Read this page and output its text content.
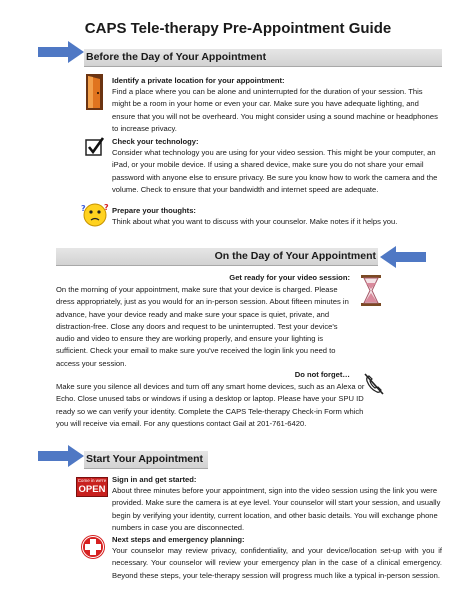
CAPS Tele-therapy Pre-Appointment Guide
Before the Day of Your Appointment
Identify a private location for your appointment:
Find a place where you can be alone and uninterrupted for the duration of your session. This might be a room in your home or even your car. Make sure you have adequate lighting, and ensure that you will not be overheard. You might consider using a sound machine or headphones to increase privacy.
Check your technology:
Consider what technology you are using for your video session. This might be your computer, an iPad, or your mobile device. If using a shared device, make sure you do not share your email password with anyone else to ensure privacy. Be sure you know how to work the camera and the volume. Check to ensure that your bandwidth and internet speed are adequate.
? ? Prepare your thoughts:
Think about what you want to discuss with your counselor. Make notes if it helps you.
On the Day of Your Appointment
Get ready for your video session:
On the morning of your appointment, make sure that your device is charged. Please dress appropriately, just as you would for an in-person session. About fifteen minutes in advance, have your device ready and make sure your space is quiet, private, and distraction-free. Close any doors and request to be uninterrupted. Test your device's audio and video to ensure they are working properly, and ensure your lighting is sufficient. Check your email to make sure you've received the login link you need to access your session.
Do not forget…
Make sure you silence all devices and turn off any smart home devices, such as an Alexa or Echo. Close unused tabs or windows if using a desktop or laptop. Please have your SPU ID ready so we can verify your identity. Complete the CAPS Tele-therapy Check-in Form which you will receive via email. For any questions contact Gail at 201-761-6420.
Start Your Appointment
Come in we're
OPEN
Sign in and get started:
About three minutes before your appointment, sign into the video session using the link you were provided. Make sure the camera is at eye level. Your counselor will start your session, and usually begin by verifying your identity, current location, and other basic details. You will exchange phone numbers in case you are disconnected.
Next steps and emergency planning:
Your counselor may review privacy, confidentiality, and your device/location set-up with you if necessary. Your counselor will review your emergency plan in the case of a clinical emergency. Beyond these steps, your tele-therapy session will progress much like a typical in-person session.
